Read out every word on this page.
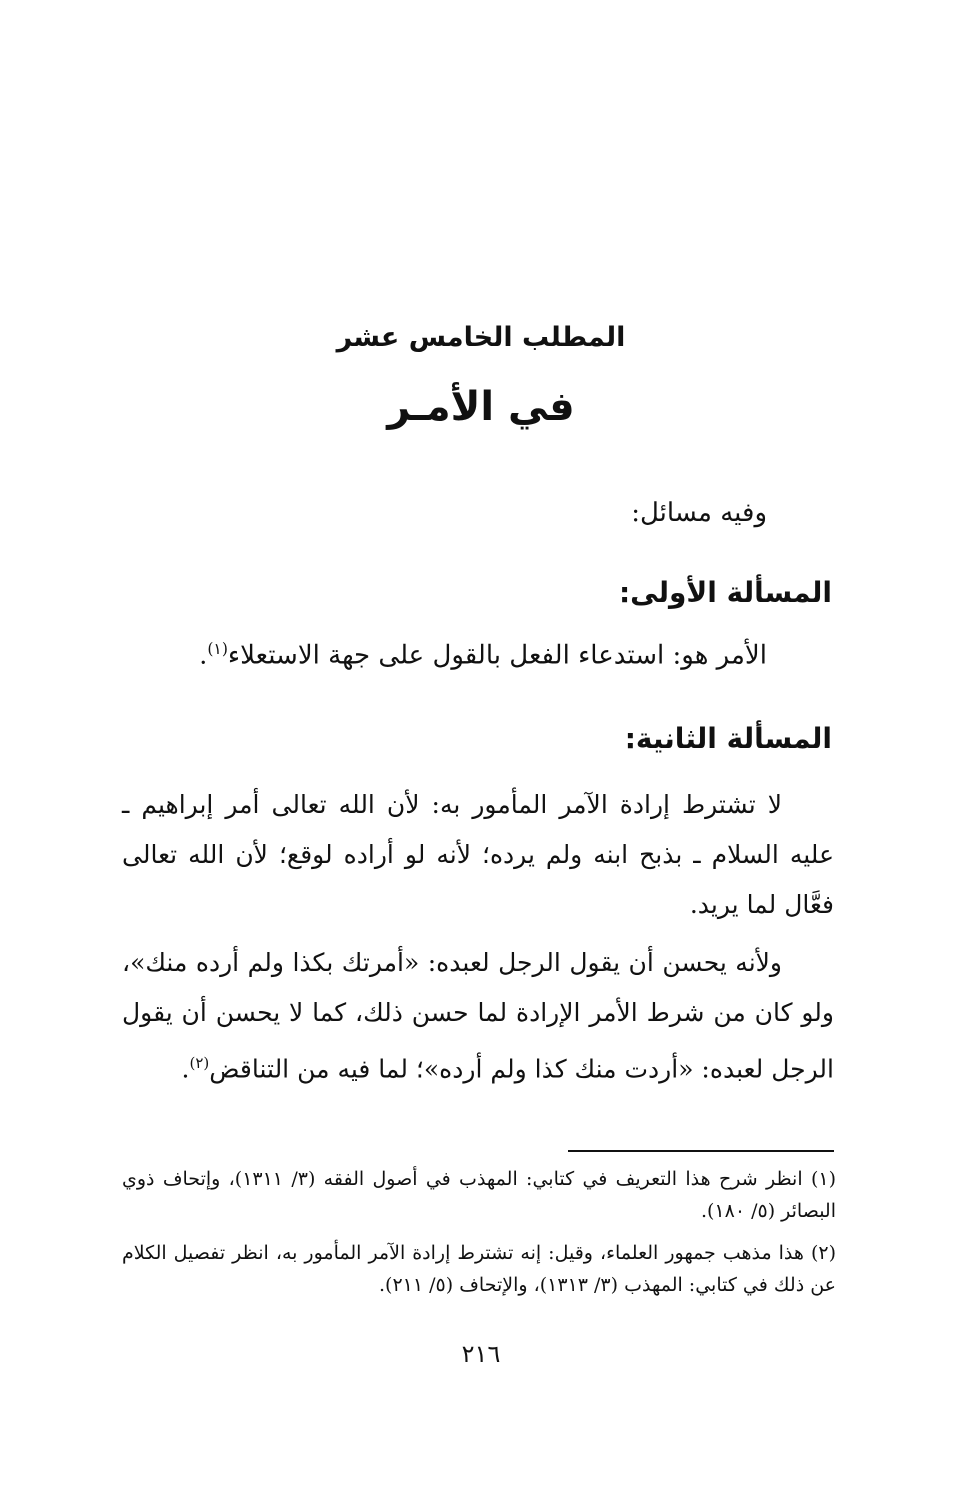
المطلب الخامس عشر
في الأمـر
وفيه مسائل:
المسألة الأولى:
الأمر هو: استدعاء الفعل بالقول على جهة الاستعلاء$^{(١)}$.
المسألة الثانية:
لا تشترط إرادة الآمر المأمور به: لأن الله تعالى أمر إبراهيم ـ عليه السلام ـ بذبح ابنه ولم يرده؛ لأنه لو أراده لوقع؛ لأن الله تعالى فعَّال لما يريد.
ولأنه يحسن أن يقول الرجل لعبده: «أمرتك بكذا ولم أرده منك»، ولو كان من شرط الأمر الإرادة لما حسن ذلك، كما لا يحسن أن يقول الرجل لعبده: «أردت منك كذا ولم أرده»؛ لما فيه من التناقض$^{(٢)}$.
(١) انظر شرح هذا التعريف في كتابي: المهذب في أصول الفقه (٣/ ١٣١١)، وإتحاف ذوي البصائر (٥/ ١٨٠).
(٢) هذا مذهب جمهور العلماء، وقيل: إنه تشترط إرادة الآمر المأمور به، انظر تفصيل الكلام عن ذلك في كتابي: المهذب (٣/ ١٣١٣)، والإتحاف (٥/ ٢١١).
٢١٦
